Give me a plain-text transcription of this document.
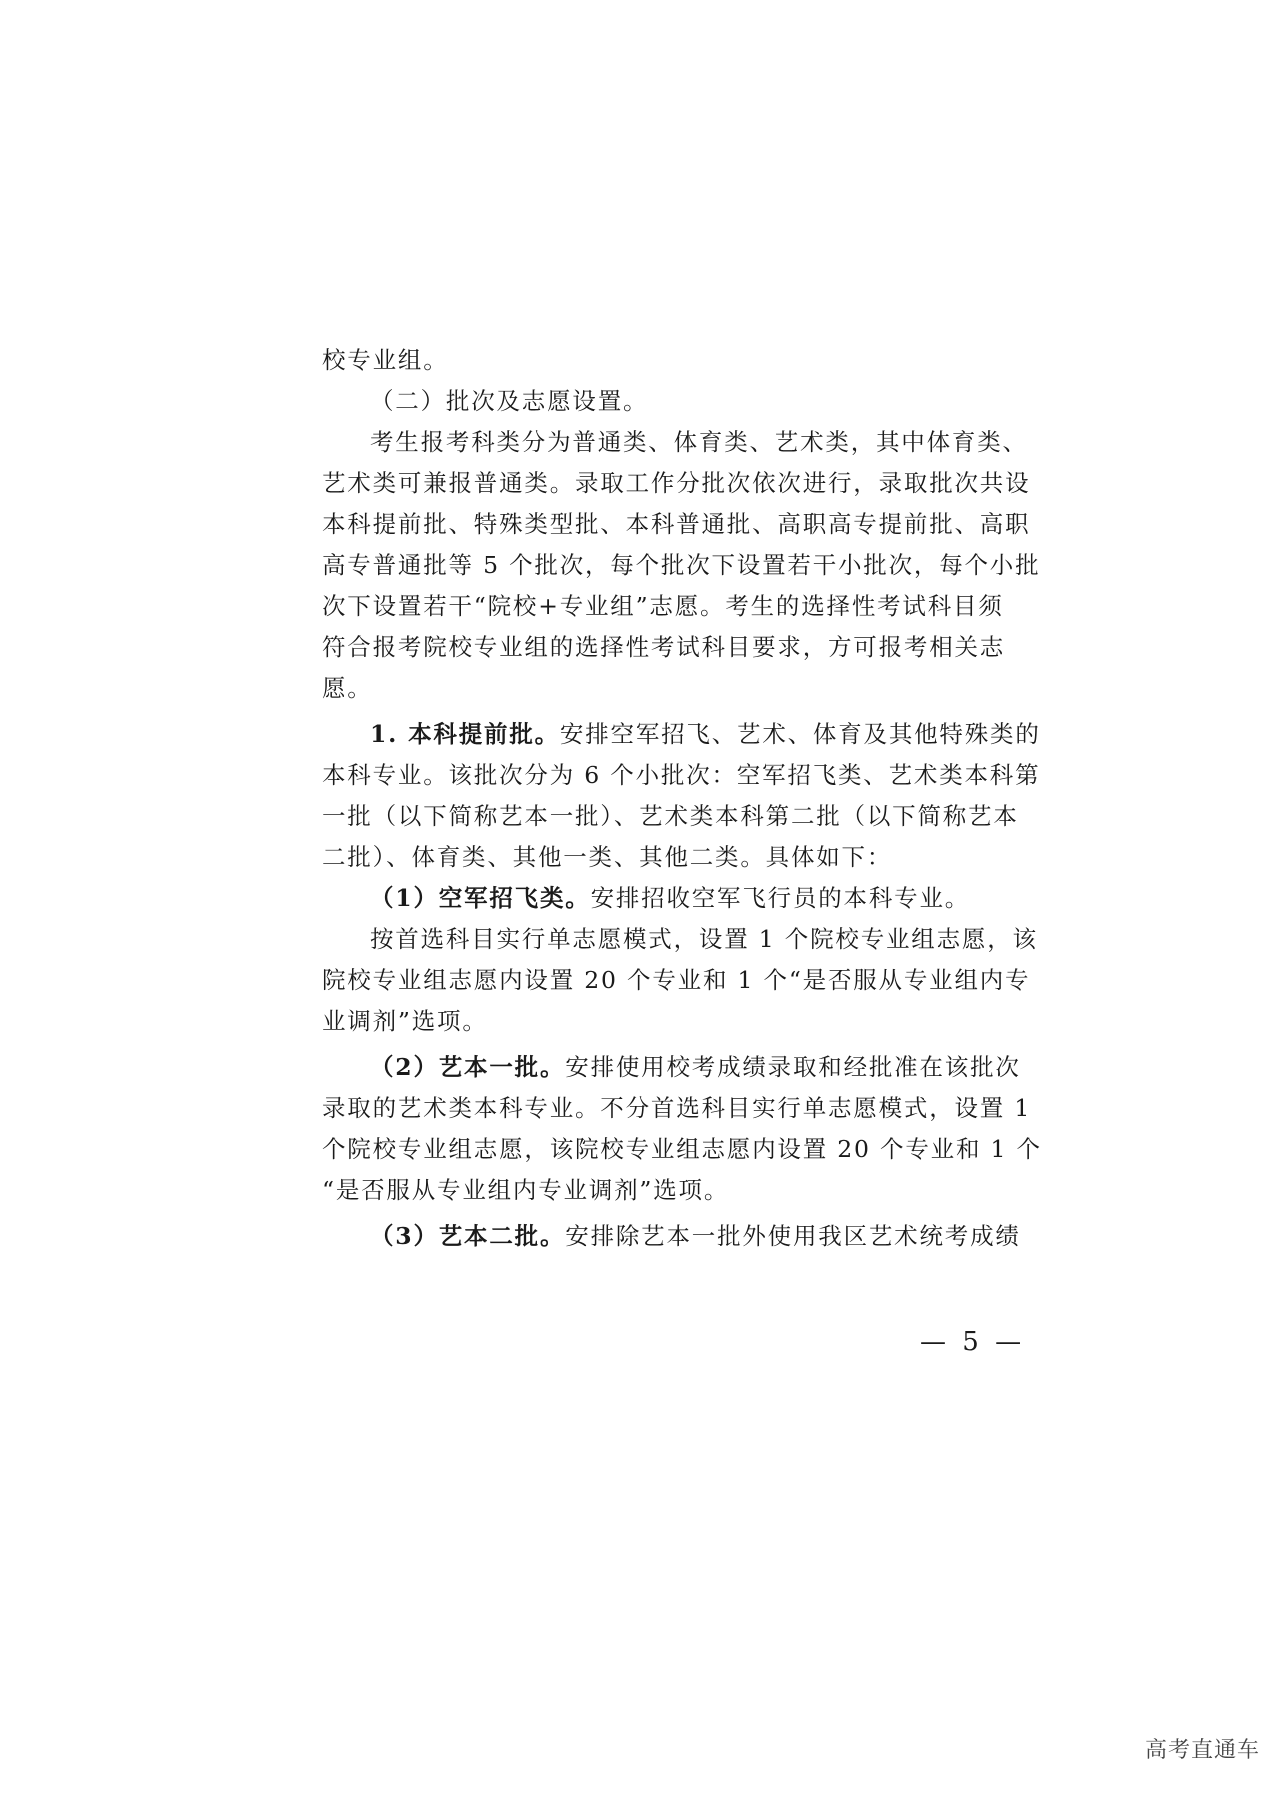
校专业组。
（二）批次及志愿设置。
考生报考科类分为普通类、体育类、艺术类，其中体育类、
艺术类可兼报普通类。录取工作分批次依次进行，录取批次共设
本科提前批、特殊类型批、本科普通批、高职高专提前批、高职
高专普通批等 5 个批次，每个批次下设置若干小批次，每个小批
次下设置若干“院校+专业组”志愿。考生的选择性考试科目须
符合报考院校专业组的选择性考试科目要求，方可报考相关志
愿。
1. 本科提前批。安排空军招飞、艺术、体育及其他特殊类的
本科专业。该批次分为 6 个小批次：空军招飞类、艺术类本科第
一批（以下简称艺本一批）、艺术类本科第二批（以下简称艺本
二批）、体育类、其他一类、其他二类。具体如下：
（1）空军招飞类。安排招收空军飞行员的本科专业。
按首选科目实行单志愿模式，设置 1 个院校专业组志愿，该
院校专业组志愿内设置 20 个专业和 1 个“是否服从专业组内专
业调剂”选项。
（2）艺本一批。安排使用校考成绩录取和经批准在该批次
录取的艺术类本科专业。不分首选科目实行单志愿模式，设置 1
个院校专业组志愿，该院校专业组志愿内设置 20 个专业和 1 个
“是否服从专业组内专业调剂”选项。
（3）艺本二批。安排除艺本一批外使用我区艺术统考成绩
— 5 —
高考直通车
